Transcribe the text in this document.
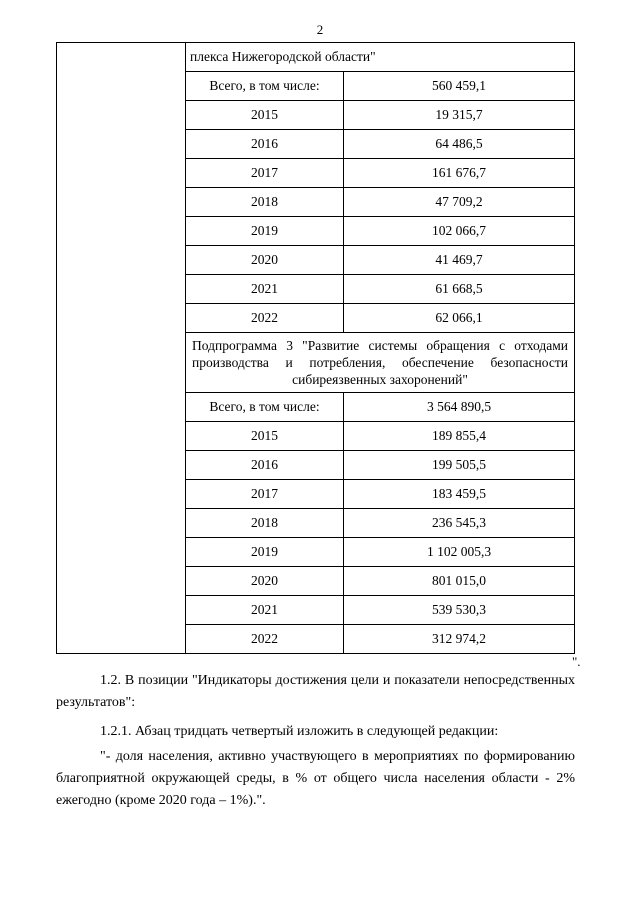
2
	плекса Нижегородской области"	
	Всего, в том числе:	560 459,1
	2015	19 315,7
	2016	64 486,5
	2017	161 676,7
	2018	47 709,2
	2019	102 066,7
	2020	41 469,7
	2021	61 668,5
	2022	62 066,1
	Подпрограмма 3 "Развитие системы обращения с отходами производства и потребления, обеспечение безопасности сибиреязвенных захоронений"	
	Всего, в том числе:	3 564 890,5
	2015	189 855,4
	2016	199 505,5
	2017	183 459,5
	2018	236 545,3
	2019	1 102 005,3
	2020	801 015,0
	2021	539 530,3
	2022	312 974,2
".
1.2. В позиции "Индикаторы достижения цели и показатели непосредственных результатов":
1.2.1. Абзац тридцать четвертый изложить в следующей редакции:
"- доля населения, активно участвующего в мероприятиях по формированию благоприятной окружающей среды, в % от общего числа населения области - 2% ежегодно (кроме 2020 года – 1%).".
